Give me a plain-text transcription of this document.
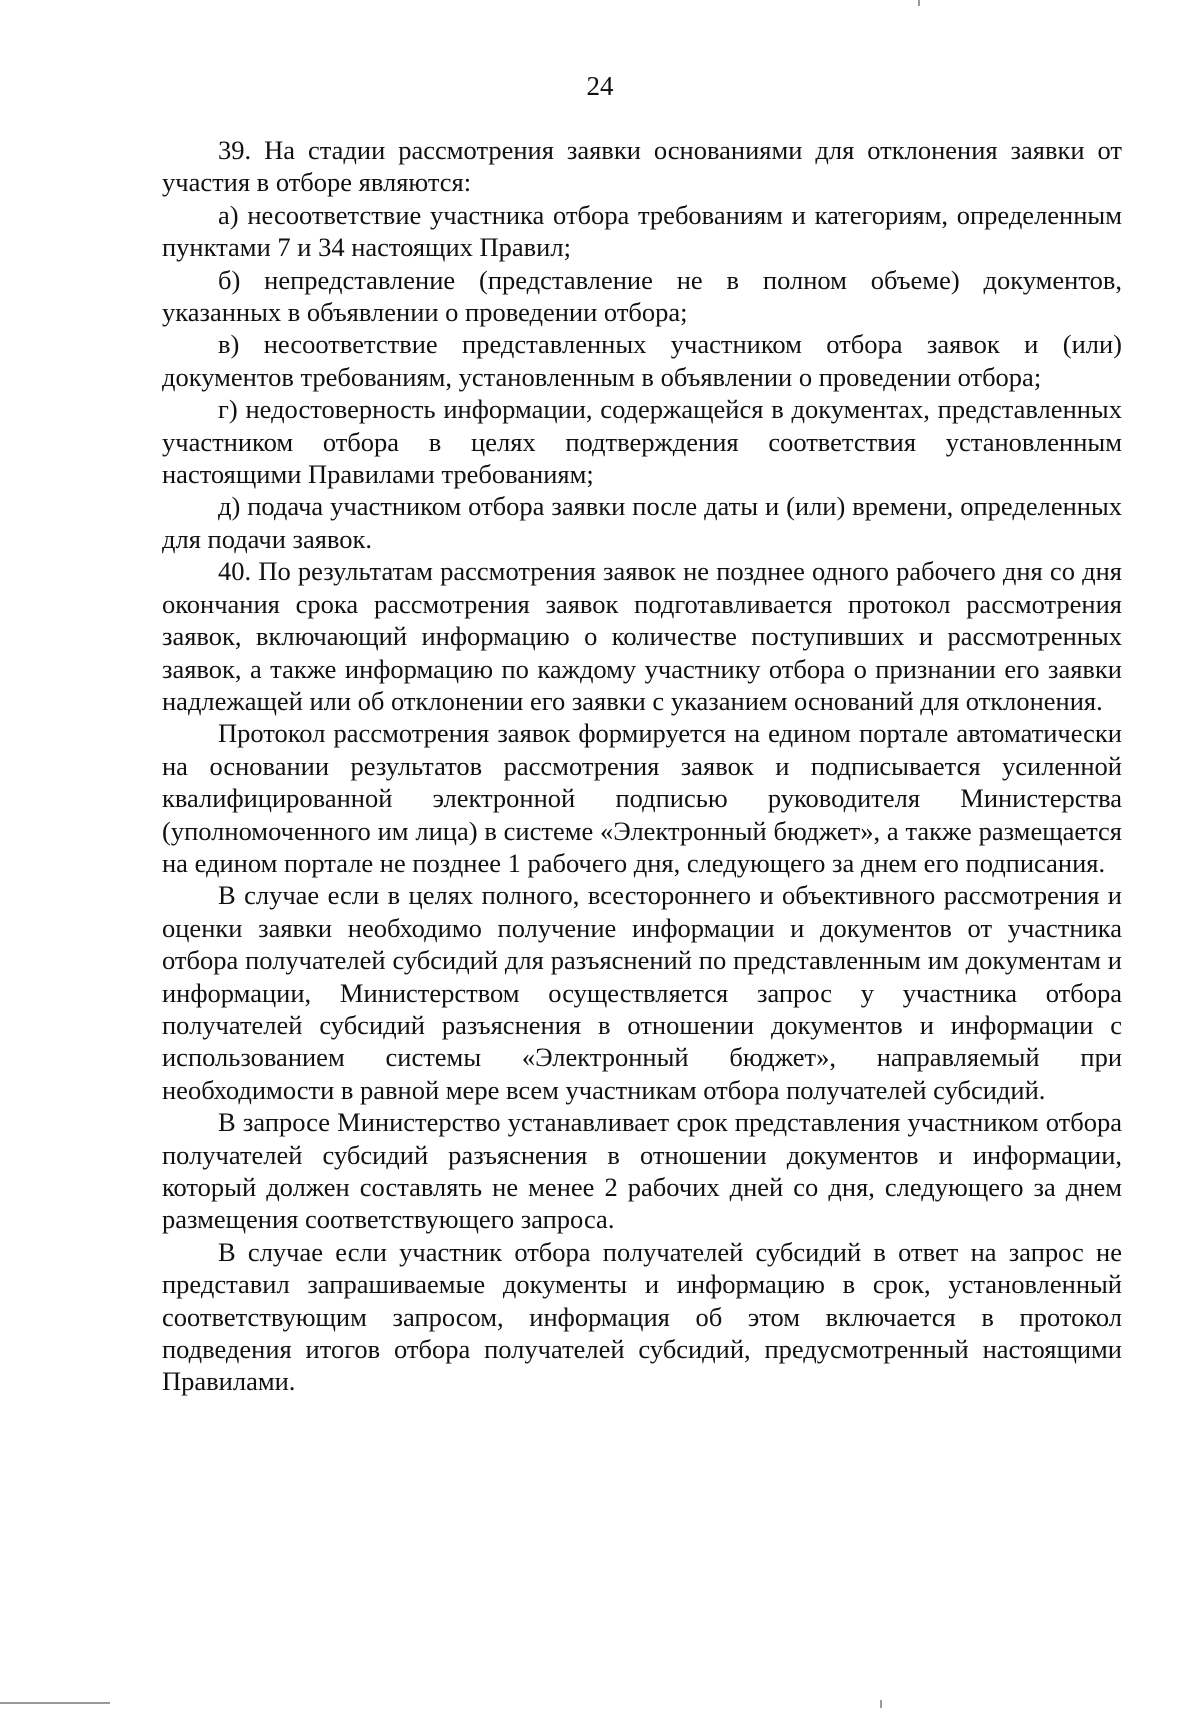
24

39. На стадии рассмотрения заявки основаниями для отклонения заявки от участия в отборе являются:

а) несоответствие участника отбора требованиям и категориям, определенным пунктами 7 и 34 настоящих Правил;

б) непредставление (представление не в полном объеме) документов, указанных в объявлении о проведении отбора;

в) несоответствие представленных участником отбора заявок и (или) документов требованиям, установленным в объявлении о проведении отбора;

г) недостоверность информации, содержащейся в документах, представленных участником отбора в целях подтверждения соответствия установленным настоящими Правилами требованиям;

д) подача участником отбора заявки после даты и (или) времени, определенных для подачи заявок.

40. По результатам рассмотрения заявок не позднее одного рабочего дня со дня окончания срока рассмотрения заявок подготавливается протокол рассмотрения заявок, включающий информацию о количестве поступивших и рассмотренных заявок, а также информацию по каждому участнику отбора о признании его заявки надлежащей или об отклонении его заявки с указанием оснований для отклонения.

Протокол рассмотрения заявок формируется на едином портале автоматически на основании результатов рассмотрения заявок и подписывается усиленной квалифицированной электронной подписью руководителя Министерства (уполномоченного им лица) в системе «Электронный бюджет», а также размещается на едином портале не позднее 1 рабочего дня, следующего за днем его подписания.

В случае если в целях полного, всестороннего и объективного рассмотрения и оценки заявки необходимо получение информации и документов от участника отбора получателей субсидий для разъяснений по представленным им документам и информации, Министерством осуществляется запрос у участника отбора получателей субсидий разъяснения в отношении документов и информации с использованием системы «Электронный бюджет», направляемый при необходимости в равной мере всем участникам отбора получателей субсидий.

В запросе Министерство устанавливает срок представления участником отбора получателей субсидий разъяснения в отношении документов и информации, который должен составлять не менее 2 рабочих дней со дня, следующего за днем размещения соответствующего запроса.

В случае если участник отбора получателей субсидий в ответ на запрос не представил запрашиваемые документы и информацию в срок, установленный соответствующим запросом, информация об этом включается в протокол подведения итогов отбора получателей субсидий, предусмотренный настоящими Правилами.
